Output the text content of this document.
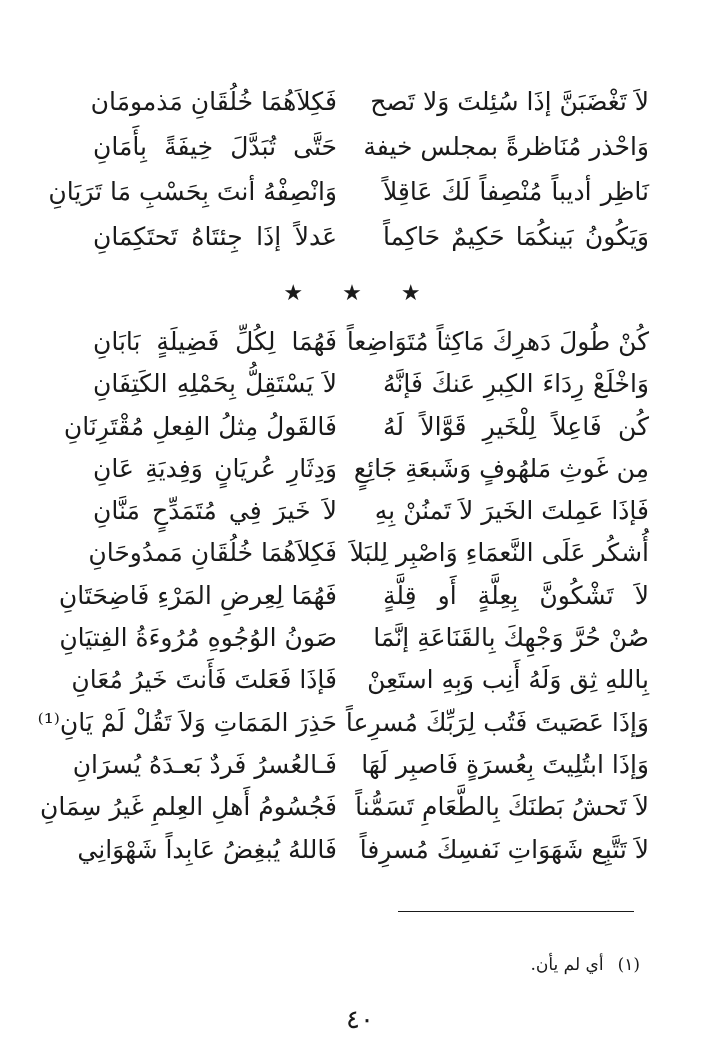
لاَ تَغْضَبَنَّ إذَا سُئِلتَ وَلا تَصح
فَكِلاَهُمَا خُلُقَانِ مَذمومَان
وَاحْذر مُنَاظرةً بمجلس خيفة
حَتَّى تُبَدَّلَ خِيفَةً بِأَمَانِ
نَاظِر أديباً مُنْصِفاً لَكَ عَاقِلاً
وَانْصِفْهُ أنتَ بِحَسْبِ مَا تَرَيَانِ
وَيَكُونُ بَينكُمَا حَكِيمٌ حَاكِماً
عَدلاً إذَا جِئتَاهُ تَحتَكِمَانِ
★ ★ ★
كُنْ طُولَ دَهرِكَ مَاكِثاً مُتَوَاضِعاً
فَهُمَا لِكُلِّ فَضِيلَةٍ بَابَانِ
وَاخْلَعْ رِدَاءَ الكِبرِ عَنكَ فَإنَّهُ
لاَ يَسْتَقِلُّ بِحَمْلِهِ الكَتِفَانِ
كُن فَاعِلاً لِلْخَيرِ قَوَّالاً لَهُ
فَالقَولُ مِثلُ الفِعلِ مُقْتَرِنَانِ
مِن غَوثِ مَلهُوفٍ وَشَبعَةِ جَائِعٍ
وَدِثَارِ عُريَانٍ وَفِديَةِ عَانِ
فَإذَا عَمِلتَ الخَيرَ لاَ تَمنُنْ بِهِ
لاَ خَيرَ فِي مُتَمَدِّحٍ مَنَّانِ
أُشكُر عَلَى النَّعمَاءِ وَاصْبِر لِلبَلاَ
فَكِلاَهُمَا خُلُقَانِ مَمدُوحَانِ
لاَ تَشْكُونَّ بِعِلَّةٍ أَو قِلَّةٍ
فَهُمَا لِعِرضِ المَرْءِ فَاضِحَتَانِ
صُنْ حُرَّ وَجْهِكَ بِالقَنَاعَةِ إنَّمَا
صَونُ الوُجُوهِ مُرُوءَةُ الفِتيَانِ
بِاللهِ ثِق وَلَهُ أَنِب وَبِهِ استَعِنْ
فَإذَا فَعَلتَ فَأَنتَ خَيرُ مُعَانِ
وَإذَا عَصَيتَ فَتُب لِرَبِّكَ مُسرِعاً
حَذِرَ المَمَاتِ وَلاَ تَقُلْ لَمْ يَانِ⁽¹⁾
وَإذَا ابتُلِيتَ بِعُسرَةٍ فَاصبِر لَهَا
فَـالعُسرُ فَردٌ بَعـدَهُ يُسرَانِ
لاَ تَحشُ بَطنَكَ بِالطَّعَامِ تَسَمُّناً
فَجُسُومُ أَهلِ العِلمِ غَيرُ سِمَانِ
لاَ تَتَّبِع شَهَوَاتِ نَفسِكَ مُسرِفاً
فَاللهُ يُبغِضُ عَابِداً شَهْوَانِي
(١)أي لم يأن.
٤٠
